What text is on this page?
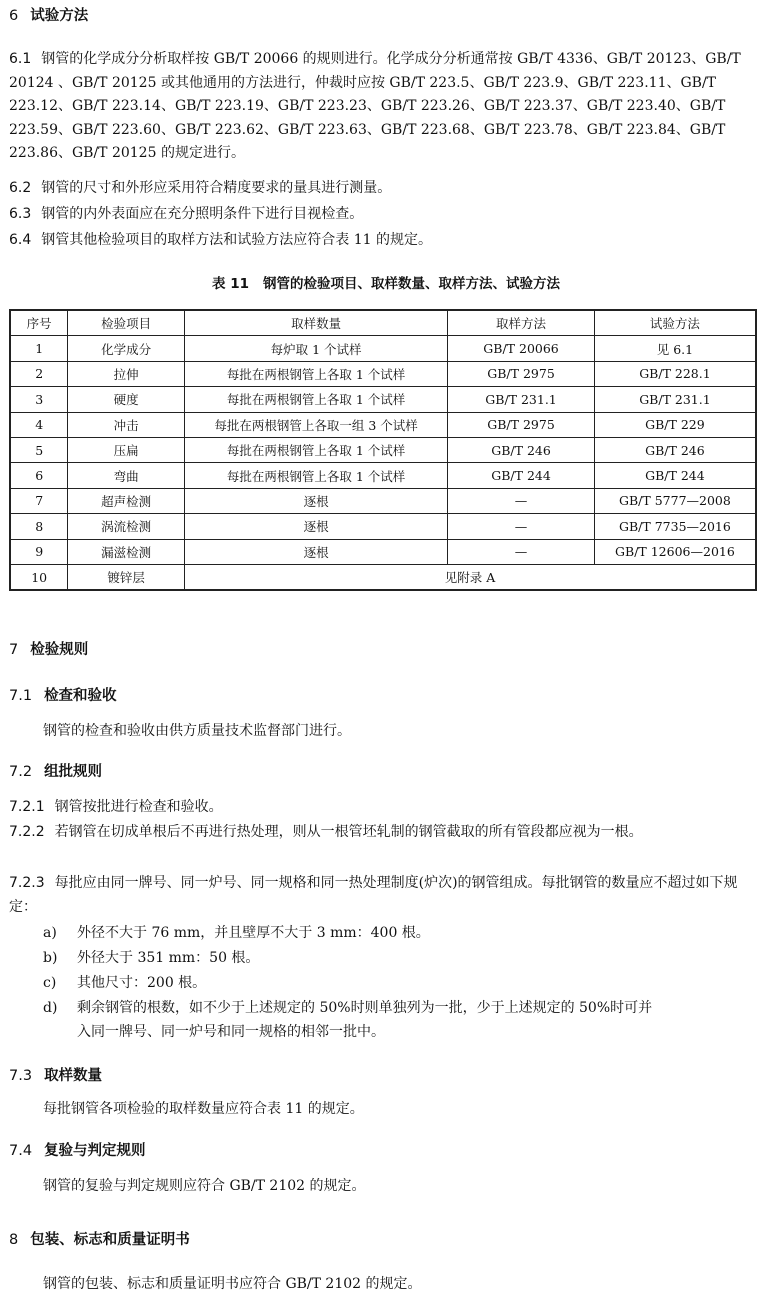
6 试验方法
6.1 钢管的化学成分分析取样按 GB/T 20066 的规则进行。化学成分分析通常按 GB/T 4336、GB/T 20123、GB/T 20124 、GB/T 20125 或其他通用的方法进行，仲裁时应按 GB/T 223.5、GB/T 223.9、GB/T 223.11、GB/T 223.12、GB/T 223.14、GB/T 223.19、GB/T 223.23、GB/T 223.26、GB/T 223.37、GB/T 223.40、GB/T 223.59、GB/T 223.60、GB/T 223.62、GB/T 223.63、GB/T 223.68、GB/T 223.78、GB/T 223.84、GB/T 223.86、GB/T 20125 的规定进行。
6.2 钢管的尺寸和外形应采用符合精度要求的量具进行测量。
6.3 钢管的内外表面应在充分照明条件下进行目视检查。
6.4 钢管其他检验项目的取样方法和试验方法应符合表 11 的规定。
表 11 钢管的检验项目、取样数量、取样方法、试验方法
序号	检验项目	取样数量	取样方法	试验方法
1	化学成分	每炉取 1 个试样	GB/T 20066	见 6.1
2	拉伸	每批在两根钢管上各取 1 个试样	GB/T 2975	GB/T 228.1
3	硬度	每批在两根钢管上各取 1 个试样	GB/T 231.1	GB/T 231.1
4	冲击	每批在两根钢管上各取一组 3 个试样	GB/T 2975	GB/T 229
5	压扁	每批在两根钢管上各取 1 个试样	GB/T 246	GB/T 246
6	弯曲	每批在两根钢管上各取 1 个试样	GB/T 244	GB/T 244
7	超声检测	逐根	—	GB/T 5777—2008
8	涡流检测	逐根	—	GB/T 7735—2016
9	漏滋检测	逐根	—	GB/T 12606—2016
10	镀锌层	见附录 A		
7 检验规则
7.1 检查和验收
钢管的检查和验收由供方质量技术监督部门进行。
7.2 组批规则
7.2.1 钢管按批进行检查和验收。
7.2.2 若钢管在切成单根后不再进行热处理，则从一根管坯轧制的钢管截取的所有管段都应视为一根。
7.2.3 每批应由同一牌号、同一炉号、同一规格和同一热处理制度(炉次)的钢管组成。每批钢管的数量应不超过如下规定：
a) 外径不大于 76 mm，并且壁厚不大于 3 mm：400 根。
b) 外径大于 351 mm：50 根。
c) 其他尺寸：200 根。
d) 剩余钢管的根数，如不少于上述规定的 50%时则单独列为一批，少于上述规定的 50%时可并
入同一牌号、同一炉号和同一规格的相邻一批中。
7.3 取样数量
每批钢管各项检验的取样数量应符合表 11 的规定。
7.4 复验与判定规则
钢管的复验与判定规则应符合 GB/T 2102 的规定。
8 包装、标志和质量证明书
钢管的包装、标志和质量证明书应符合 GB/T 2102 的规定。
